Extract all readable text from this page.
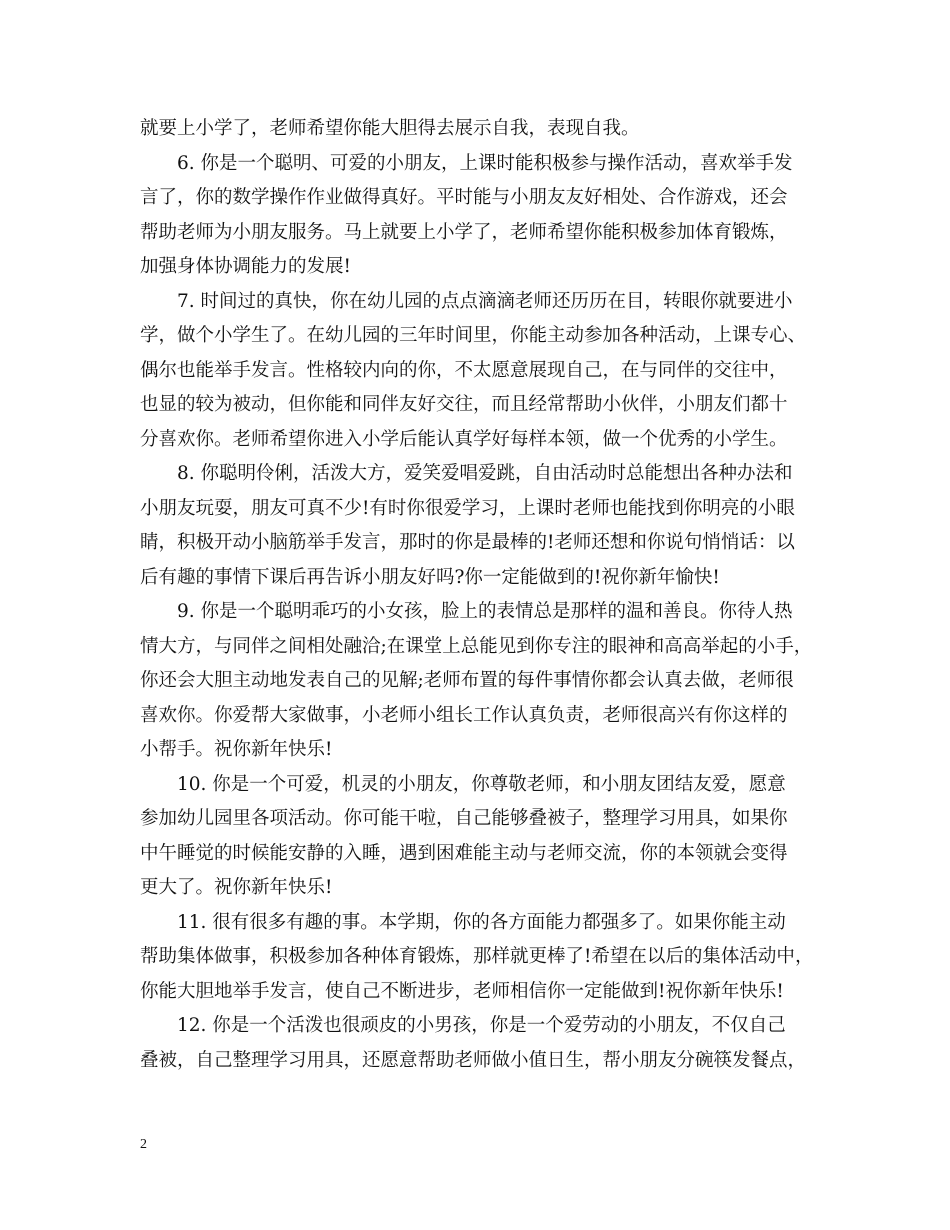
就要上小学了，老师希望你能大胆得去展示自我，表现自我。
6. 你是一个聪明、可爱的小朋友，上课时能积极参与操作活动，喜欢举手发
言了，你的数学操作作业做得真好。平时能与小朋友友好相处、合作游戏，还会
帮助老师为小朋友服务。马上就要上小学了，老师希望你能积极参加体育锻炼，
加强身体协调能力的发展!
7. 时间过的真快，你在幼儿园的点点滴滴老师还历历在目，转眼你就要进小
学，做个小学生了。在幼儿园的三年时间里，你能主动参加各种活动，上课专心、
偶尔也能举手发言。性格较内向的你，不太愿意展现自己，在与同伴的交往中，
也显的较为被动，但你能和同伴友好交往，而且经常帮助小伙伴，小朋友们都十
分喜欢你。老师希望你进入小学后能认真学好每样本领，做一个优秀的小学生。
8. 你聪明伶俐，活泼大方，爱笑爱唱爱跳，自由活动时总能想出各种办法和
小朋友玩耍，朋友可真不少!有时你很爱学习，上课时老师也能找到你明亮的小眼
睛，积极开动小脑筋举手发言，那时的你是最棒的!老师还想和你说句悄悄话：以
后有趣的事情下课后再告诉小朋友好吗?你一定能做到的!祝你新年愉快!
9. 你是一个聪明乖巧的小女孩，脸上的表情总是那样的温和善良。你待人热
情大方，与同伴之间相处融洽;在课堂上总能见到你专注的眼神和高高举起的小手，
你还会大胆主动地发表自己的见解;老师布置的每件事情你都会认真去做，老师很
喜欢你。你爱帮大家做事，小老师小组长工作认真负责，老师很高兴有你这样的
小帮手。祝你新年快乐!
10. 你是一个可爱，机灵的小朋友，你尊敬老师，和小朋友团结友爱，愿意
参加幼儿园里各项活动。你可能干啦，自己能够叠被子，整理学习用具，如果你
中午睡觉的时候能安静的入睡，遇到困难能主动与老师交流，你的本领就会变得
更大了。祝你新年快乐!
11. 很有很多有趣的事。本学期，你的各方面能力都强多了。如果你能主动
帮助集体做事，积极参加各种体育锻炼，那样就更棒了!希望在以后的集体活动中，
你能大胆地举手发言，使自己不断进步，老师相信你一定能做到!祝你新年快乐!
12. 你是一个活泼也很顽皮的小男孩，你是一个爱劳动的小朋友，不仅自己
叠被，自己整理学习用具，还愿意帮助老师做小值日生，帮小朋友分碗筷发餐点，
2
